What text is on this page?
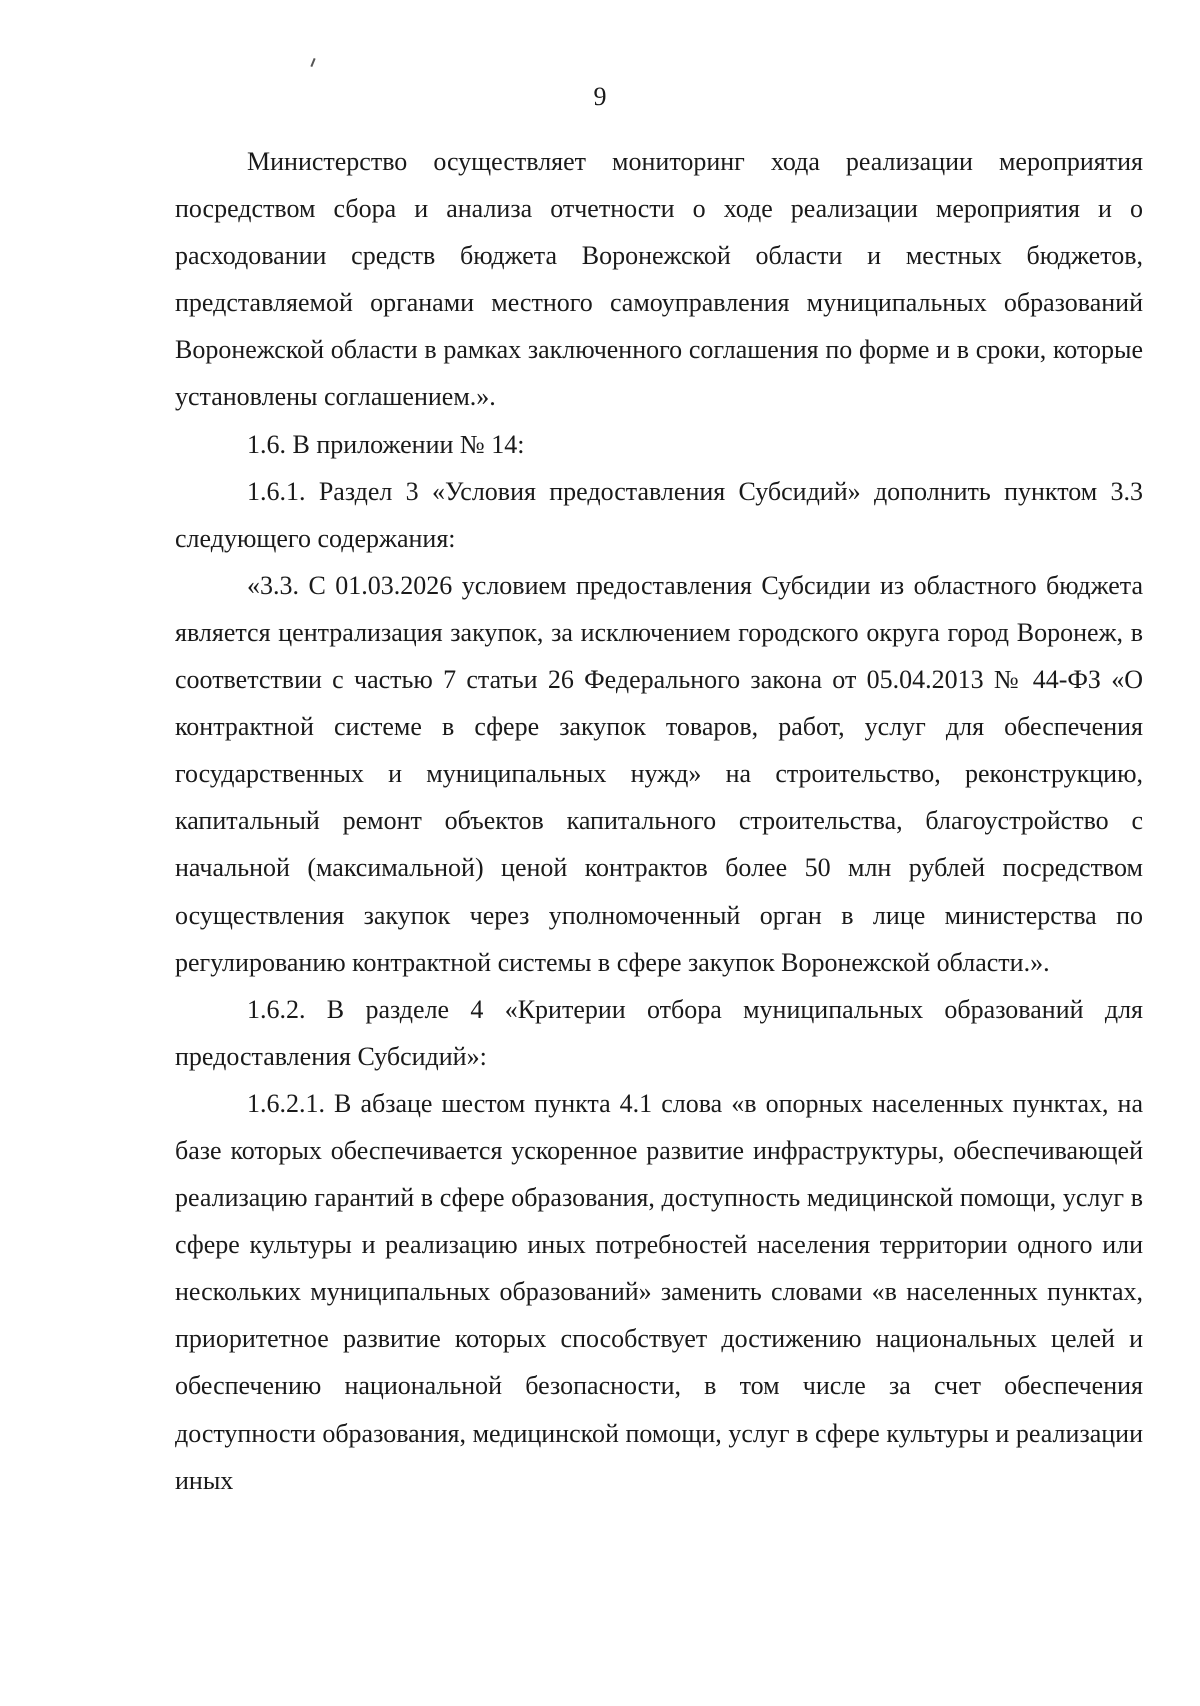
9

Министерство осуществляет мониторинг хода реализации мероприятия посредством сбора и анализа отчетности о ходе реализации мероприятия и о расходовании средств бюджета Воронежской области и местных бюджетов, представляемой органами местного самоуправления муниципальных образований Воронежской области в рамках заключенного соглашения по форме и в сроки, которые установлены соглашением.».

1.6. В приложении № 14:

1.6.1. Раздел 3 «Условия предоставления Субсидий» дополнить пунктом 3.3 следующего содержания:

«3.3. С 01.03.2026 условием предоставления Субсидии из областного бюджета является централизация закупок, за исключением городского округа город Воронеж, в соответствии с частью 7 статьи 26 Федерального закона от 05.04.2013 № 44-ФЗ «О контрактной системе в сфере закупок товаров, работ, услуг для обеспечения государственных и муниципальных нужд» на строительство, реконструкцию, капитальный ремонт объектов капитального строительства, благоустройство с начальной (максимальной) ценой контрактов более 50 млн рублей посредством осуществления закупок через уполномоченный орган в лице министерства по регулированию контрактной системы в сфере закупок Воронежской области.».

1.6.2. В разделе 4 «Критерии отбора муниципальных образований для предоставления Субсидий»:

1.6.2.1. В абзаце шестом пункта 4.1 слова «в опорных населенных пунктах, на базе которых обеспечивается ускоренное развитие инфраструктуры, обеспечивающей реализацию гарантий в сфере образования, доступность медицинской помощи, услуг в сфере культуры и реализацию иных потребностей населения территории одного или нескольких муниципальных образований» заменить словами «в населенных пунктах, приоритетное развитие которых способствует достижению национальных целей и обеспечению национальной безопасности, в том числе за счет обеспечения доступности образования, медицинской помощи, услуг в сфере культуры и реализации иных
